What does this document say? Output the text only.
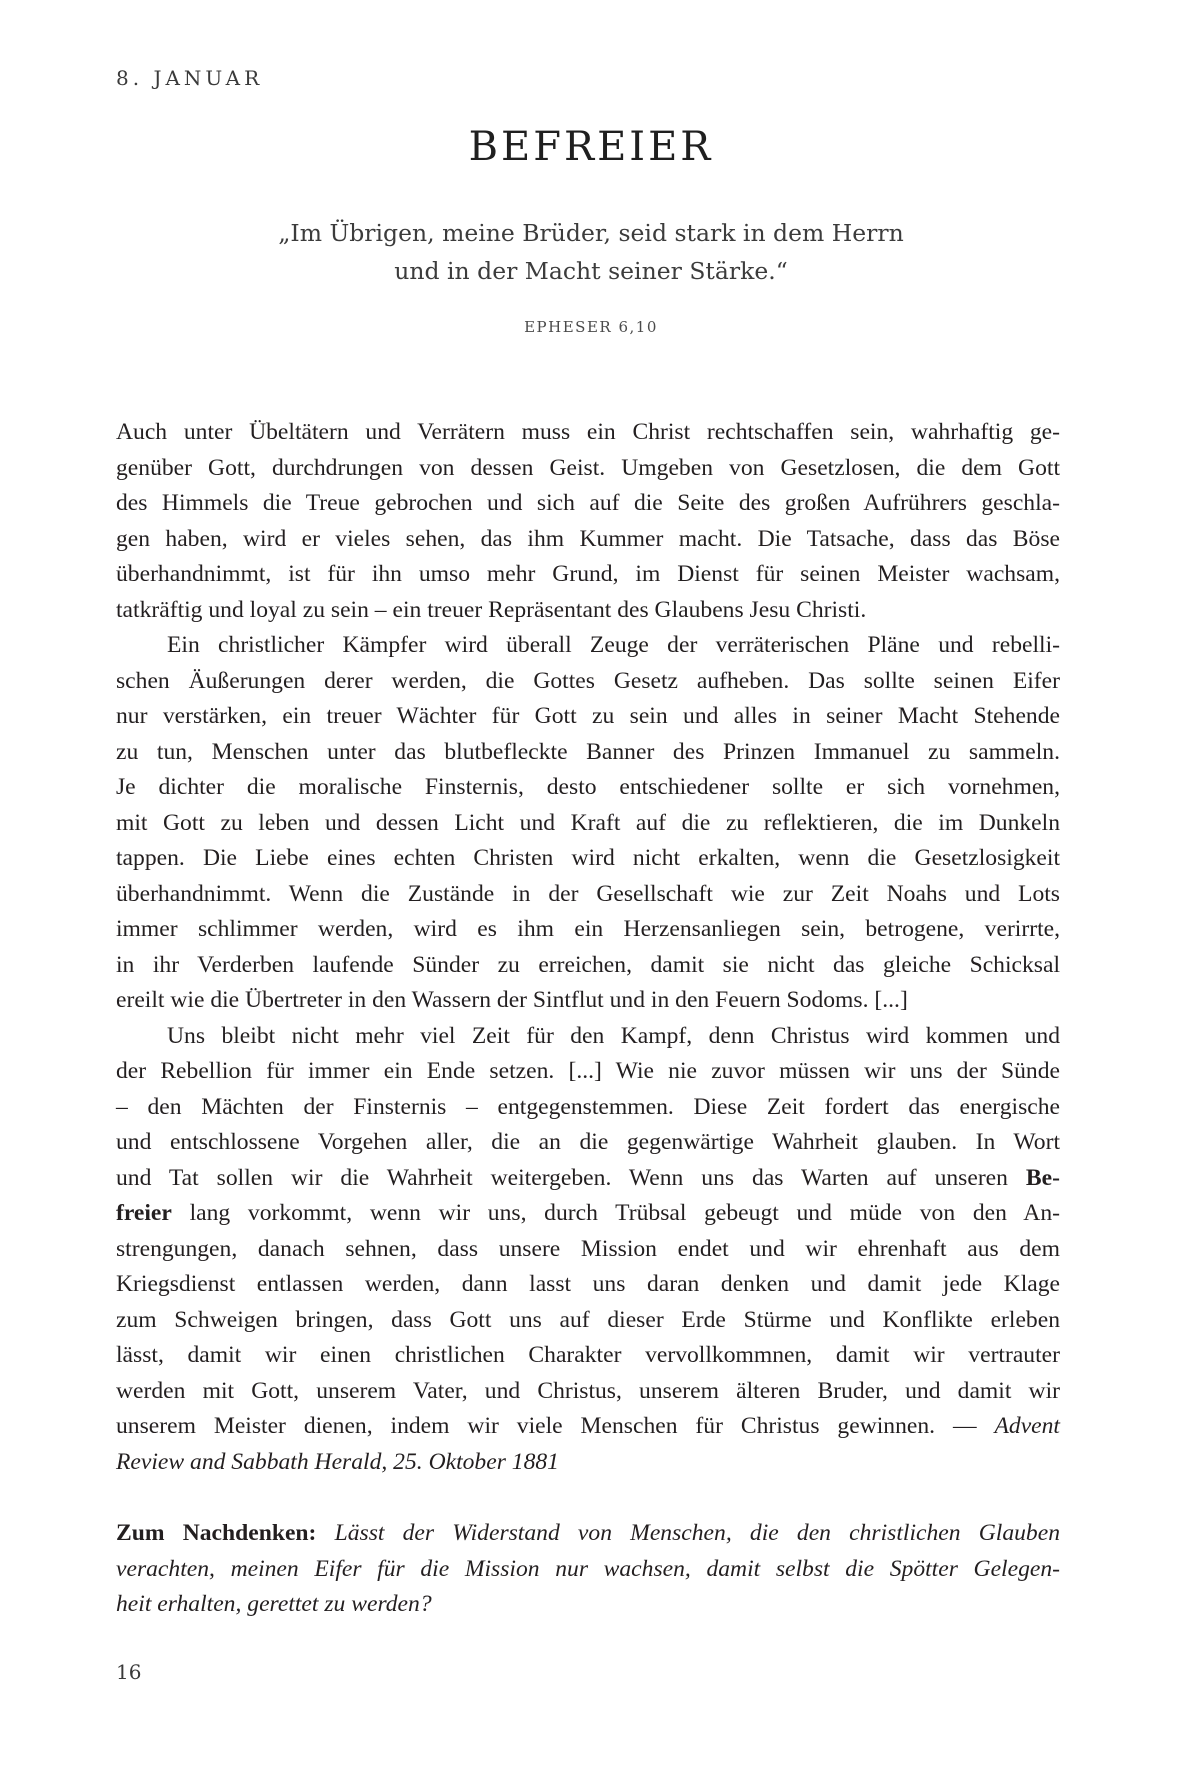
8. JANUAR
BEFREIER
„Im Übrigen, meine Brüder, seid stark in dem Herrn
und in der Macht seiner Stärke.“
EPHESER 6,10
Auch unter Übeltätern und Verrätern muss ein Christ rechtschaffen sein, wahrhaftig ge-
genüber Gott, durchdrungen von dessen Geist. Umgeben von Gesetzlosen, die dem Gott
des Himmels die Treue gebrochen und sich auf die Seite des großen Aufrührers geschla-
gen haben, wird er vieles sehen, das ihm Kummer macht. Die Tatsache, dass das Böse
überhandnimmt, ist für ihn umso mehr Grund, im Dienst für seinen Meister wachsam,
tatkräftig und loyal zu sein – ein treuer Repräsentant des Glaubens Jesu Christi.
Ein christlicher Kämpfer wird überall Zeuge der verräterischen Pläne und rebelli-
schen Äußerungen derer werden, die Gottes Gesetz aufheben. Das sollte seinen Eifer
nur verstärken, ein treuer Wächter für Gott zu sein und alles in seiner Macht Stehende
zu tun, Menschen unter das blutbefleckte Banner des Prinzen Immanuel zu sammeln.
Je dichter die moralische Finsternis, desto entschiedener sollte er sich vornehmen,
mit Gott zu leben und dessen Licht und Kraft auf die zu reflektieren, die im Dunkeln
tappen. Die Liebe eines echten Christen wird nicht erkalten, wenn die Gesetzlosigkeit
überhandnimmt. Wenn die Zustände in der Gesellschaft wie zur Zeit Noahs und Lots
immer schlimmer werden, wird es ihm ein Herzensanliegen sein, betrogene, verirrte,
in ihr Verderben laufende Sünder zu erreichen, damit sie nicht das gleiche Schicksal
ereilt wie die Übertreter in den Wassern der Sintflut und in den Feuern Sodoms. [...]
Uns bleibt nicht mehr viel Zeit für den Kampf, denn Christus wird kommen und
der Rebellion für immer ein Ende setzen. [...] Wie nie zuvor müssen wir uns der Sünde
– den Mächten der Finsternis – entgegenstemmen. Diese Zeit fordert das energische
und entschlossene Vorgehen aller, die an die gegenwärtige Wahrheit glauben. In Wort
und Tat sollen wir die Wahrheit weitergeben. Wenn uns das Warten auf unseren Be-
freier lang vorkommt, wenn wir uns, durch Trübsal gebeugt und müde von den An-
strengungen, danach sehnen, dass unsere Mission endet und wir ehrenhaft aus dem
Kriegsdienst entlassen werden, dann lasst uns daran denken und damit jede Klage
zum Schweigen bringen, dass Gott uns auf dieser Erde Stürme und Konflikte erleben
lässt, damit wir einen christlichen Charakter vervollkommnen, damit wir vertrauter
werden mit Gott, unserem Vater, und Christus, unserem älteren Bruder, und damit wir
unserem Meister dienen, indem wir viele Menschen für Christus gewinnen. — Advent
Review and Sabbath Herald, 25. Oktober 1881
Zum Nachdenken: Lässt der Widerstand von Menschen, die den christlichen Glauben
verachten, meinen Eifer für die Mission nur wachsen, damit selbst die Spötter Gelegen-
heit erhalten, gerettet zu werden?
16
